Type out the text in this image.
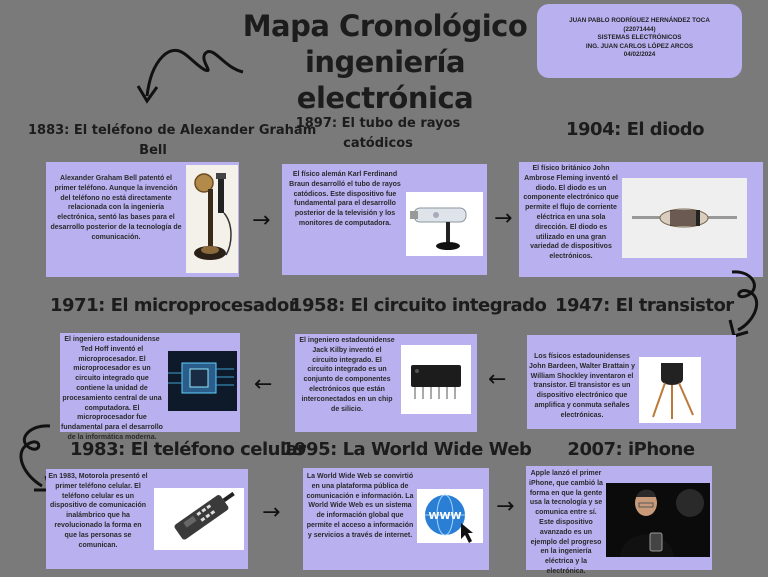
Mapa Cronológico
ingeniería electrónica
JUAN PABLO RODRÍGUEZ HERNÁNDEZ TOCA
(22071444)
SISTEMAS ELECTRÓNICOS
ING. JUAN CARLOS LÓPEZ ARCOS
04/02/2024
1883: El teléfono de Alexander Graham
Bell
Alexander Graham Bell patentó el primer teléfono. Aunque la invención del teléfono no está directamente relacionada con la ingeniería electrónica, sentó las bases para el desarrollo posterior de la tecnología de comunicación.
→
1897: El tubo de rayos
catódicos
El físico alemán Karl Ferdinand Braun desarrolló el tubo de rayos catódicos. Este dispositivo fue fundamental para el desarrollo posterior de la televisión y los monitores de computadora.	→
1904: El diodo
El físico británico John Ambrose Fleming inventó el diodo. El diodo es un componente electrónico que permite el flujo de corriente eléctrica en una sola dirección. El diodo es utilizado en una gran variedad de dispositivos electrónicos.
1947: El transistor
Los físicos estadounidenses John Bardeen, Walter Brattain y William Shockley inventaron el transistor. El transistor es un dispositivo electrónico que amplifica y conmuta señales electrónicas.
←
1958: El circuito integrado
El ingeniero estadounidense Jack Kilby inventó el circuito integrado. El circuito integrado es un conjunto de componentes electrónicos que están interconectados en un chip de silicio.
←
1971: El microprocesador
El ingeniero estadounidense Ted Hoff inventó el microprocesador. El microprocesador es un circuito integrado que contiene la unidad de procesamiento central de una computadora. El microprocesador fue fundamental para el desarrollo de la informática moderna.
1983: El teléfono celular
En 1983, Motorola presentó el primer teléfono celular. El teléfono celular es un dispositivo de comunicación inalámbrico que ha revolucionado la forma en que las personas se comunican.
→
1995: La World Wide Web
La World Wide Web se convirtió en una plataforma pública de comunicación e información. La World Wide Web es un sistema de información global que permite el acceso a información y servicios a través de internet.
WWW →
2007: iPhone
Apple lanzó el primer iPhone, que cambió la forma en que la gente usa la tecnología y se comunica entre sí. Este dispositivo avanzado es un ejemplo del progreso en la ingeniería eléctrica y la electrónica.
